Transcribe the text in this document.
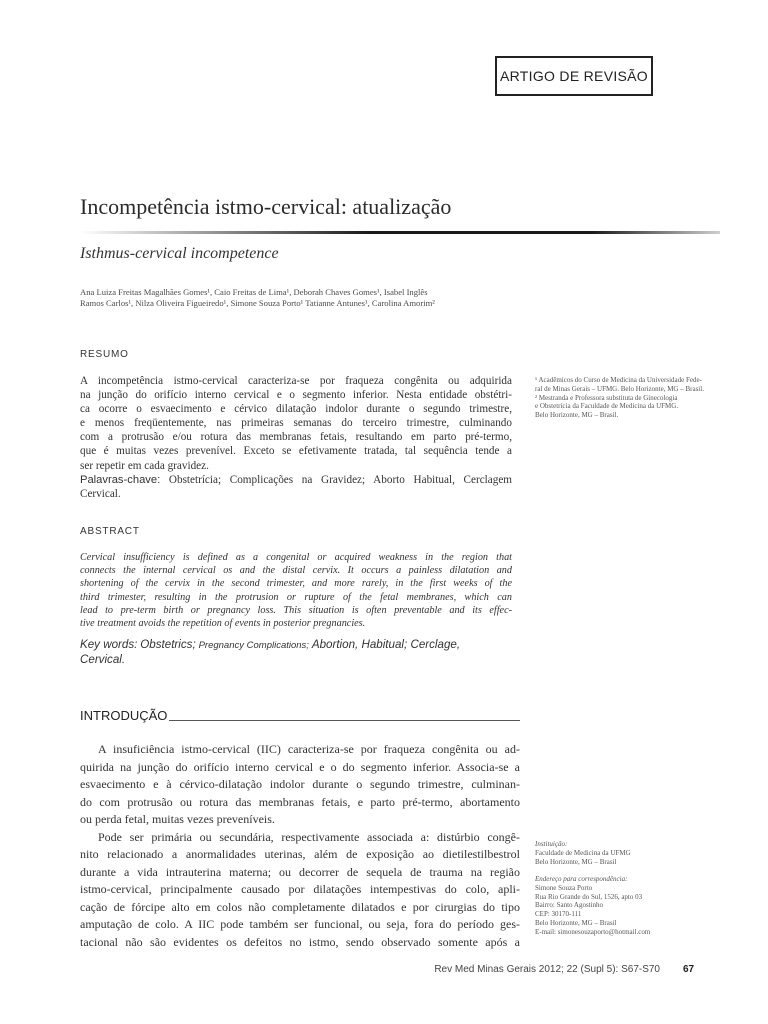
ARTIGO DE REVISÃO
Incompetência istmo-cervical: atualização
Isthmus-cervical incompetence
Ana Luiza Freitas Magalhães Gomes¹, Caio Freitas de Lima¹, Deborah Chaves Gomes¹, Isabel Inglês
Ramos Carlos¹, Nilza Oliveira Figueiredo¹, Simone Souza Porto¹ Tatianne Antunes¹, Carolina Amorim²
RESUMO
A incompetência istmo-cervical caracteriza-se por fraqueza congênita ou adquirida
na junção do orifício interno cervical e o segmento inferior. Nesta entidade obstétri-
ca ocorre o esvaecimento e cérvico dilatação indolor durante o segundo trimestre,
e menos freqüentemente, nas primeiras semanas do terceiro trimestre, culminando
com a protrusão e/ou rotura das membranas fetais, resultando em parto pré-termo,
que é muitas vezes prevenível. Exceto se efetivamente tratada, tal sequência tende a
ser repetir em cada gravidez.
Palavras-chave: Obstetrícia; Complicações na Gravidez; Aborto Habitual, Cerclagem
Cervical.
ABSTRACT
Cervical insufficiency is defined as a congenital or acquired weakness in the region that
connects the internal cervical os and the distal cervix. It occurs a painless dilatation and
shortening of the cervix in the second trimester, and more rarely, in the first weeks of the
third trimester, resulting in the protrusion or rupture of the fetal membranes, which can
lead to pre-term birth or pregnancy loss. This situation is often preventable and its effec-
tive treatment avoids the repetition of events in posterior pregnancies.
Key words: Obstetrics; Pregnancy Complications; Abortion, Habitual; Cerclage,
Cervical.
¹ Acadêmicos do Curso de Medicina da Universidade Fede-
ral de Minas Gerais – UFMG. Belo Horizonte, MG – Brasil.
² Mestranda e Professora substituta de Ginecologia
e Obstetrícia da Faculdade de Medicina da UFMG.
Belo Horizonte, MG – Brasil.
INTRODUÇÃO
A insuficiência istmo-cervical (IIC) caracteriza-se por fraqueza congênita ou ad-
quirida na junção do orifício interno cervical e o do segmento inferior. Associa-se a
esvaecimento e à cérvico-dilatação indolor durante o segundo trimestre, culminan-
do com protrusão ou rotura das membranas fetais, e parto pré-termo, abortamento
ou perda fetal, muitas vezes preveníveis.
Pode ser primária ou secundária, respectivamente associada a: distúrbio congê-
nito relacionado a anormalidades uterinas, além de exposição ao dietilestilbestrol
durante a vida intrauterina materna; ou decorrer de sequela de trauma na região
istmo-cervical, principalmente causado por dilatações intempestivas do colo, apli-
cação de fórcipe alto em colos não completamente dilatados e por cirurgias do tipo
amputação de colo. A IIC pode também ser funcional, ou seja, fora do período ges-
tacional não são evidentes os defeitos no istmo, sendo observado somente após a
Instituição:
Faculdade de Medicina da UFMG
Belo Horizonte, MG – Brasil
Endereço para correspondência:
Simone Souza Porto
Rua Rio Grande do Sul, 1526, apto 03
Bairro: Santo Agostinho
CEP: 30170-111
Belo Horizonte, MG – Brasil
E-mail: simonesouzaporto@hotmail.com
Rev Med Minas Gerais 2012; 22 (Supl 5): S67-S70 67
